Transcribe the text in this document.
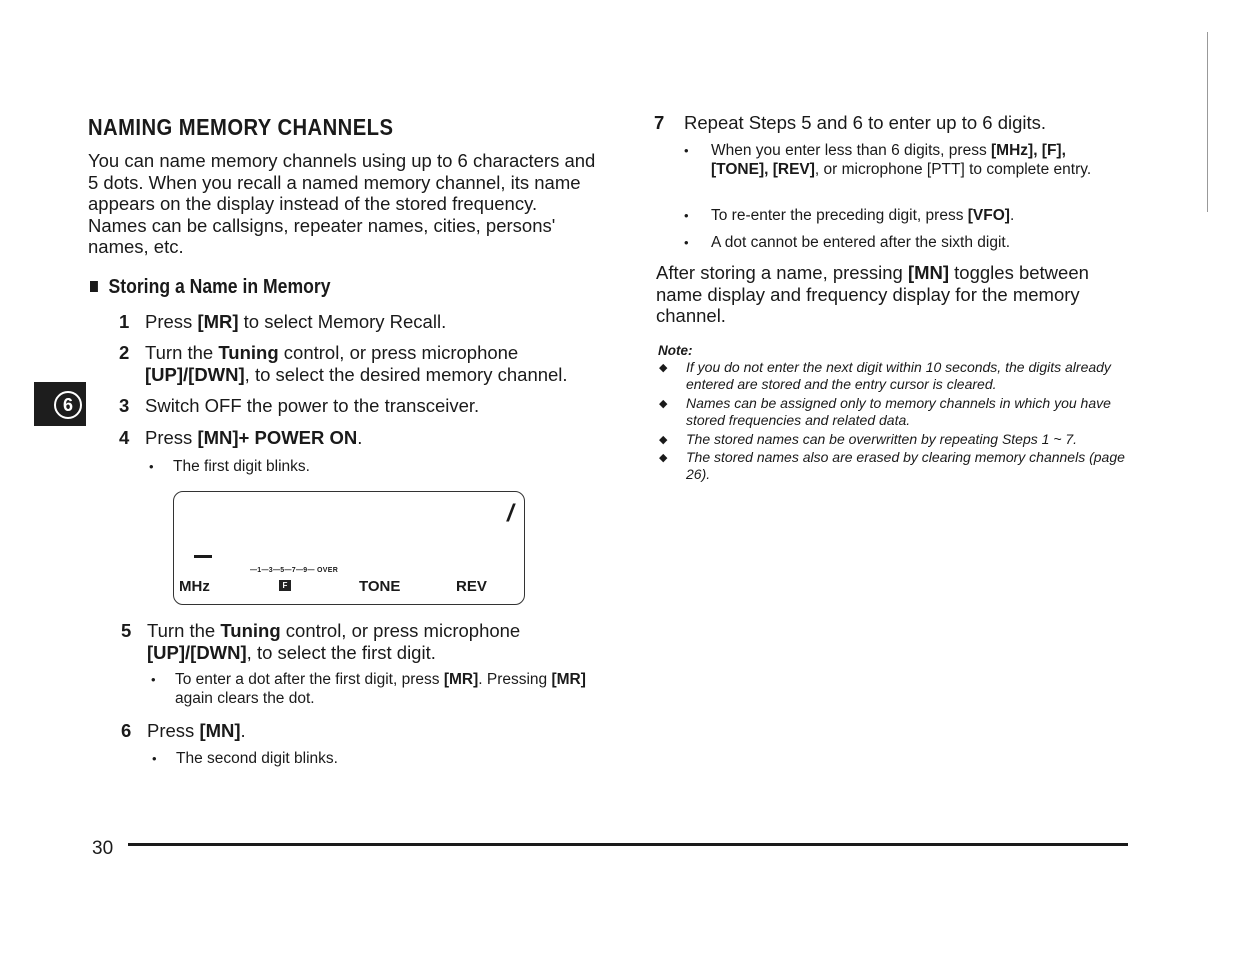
NAMING MEMORY CHANNELS
You can name memory channels using up to 6 characters and 5 dots. When you recall a named memory channel, its name appears on the display instead of the stored frequency. Names can be callsigns, repeater names, cities, persons' names, etc.
Storing a Name in Memory
6
1 Press [MR] to select Memory Recall.
2 Turn the Tuning control, or press microphone [UP]/[DWN], to select the desired memory channel.
3 Switch OFF the power to the transceiver.
4 Press [MN]+ POWER ON.
• The first digit blinks.
/
—1—3—5—7—9— OVER
MHz	F	TONE	REV
5 Turn the Tuning control, or press microphone [UP]/[DWN], to select the first digit.
• To enter a dot after the first digit, press [MR]. Pressing [MR] again clears the dot.
6 Press [MN].
• The second digit blinks.
7 Repeat Steps 5 and 6 to enter up to 6 digits.
• When you enter less than 6 digits, press [MHz], [F], [TONE], [REV], or microphone [PTT] to complete entry.
• To re-enter the preceding digit, press [VFO].
• A dot cannot be entered after the sixth digit.
After storing a name, pressing [MN] toggles between name display and frequency display for the memory channel.
Note:
◆ If you do not enter the next digit within 10 seconds, the digits already entered are stored and the entry cursor is cleared.
◆ Names can be assigned only to memory channels in which you have stored frequencies and related data.
◆ The stored names can be overwritten by repeating Steps 1 ~ 7.
◆ The stored names also are erased by clearing memory channels (page 26).
30
